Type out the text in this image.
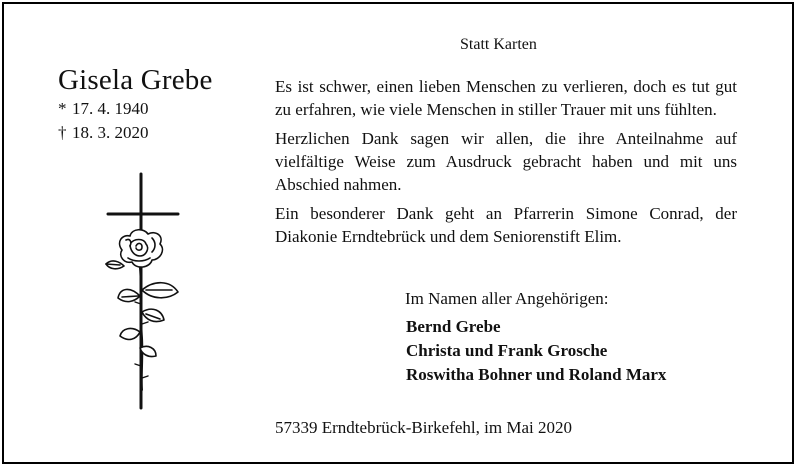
Statt Karten
Gisela Grebe
* 17. 4. 1940
† 18. 3. 2020

Es ist schwer, einen lieben Menschen zu verlieren, doch es tut gut zu erfahren, wie viele Menschen in stiller Trauer mit uns fühlten.

Herzlichen Dank sagen wir allen, die ihre Anteilnahme auf vielfältige Weise zum Ausdruck gebracht haben und mit uns Abschied nahmen.

Ein besonderer Dank geht an Pfarrerin Simone Conrad, der Diakonie Erndtebrück und dem Seniorenstift Elim.

Im Namen aller Angehörigen:
Bernd Grebe
Christa und Frank Grosche
Roswitha Bohner und Roland Marx
57339 Erndtebrück-Birkefehl, im Mai 2020
